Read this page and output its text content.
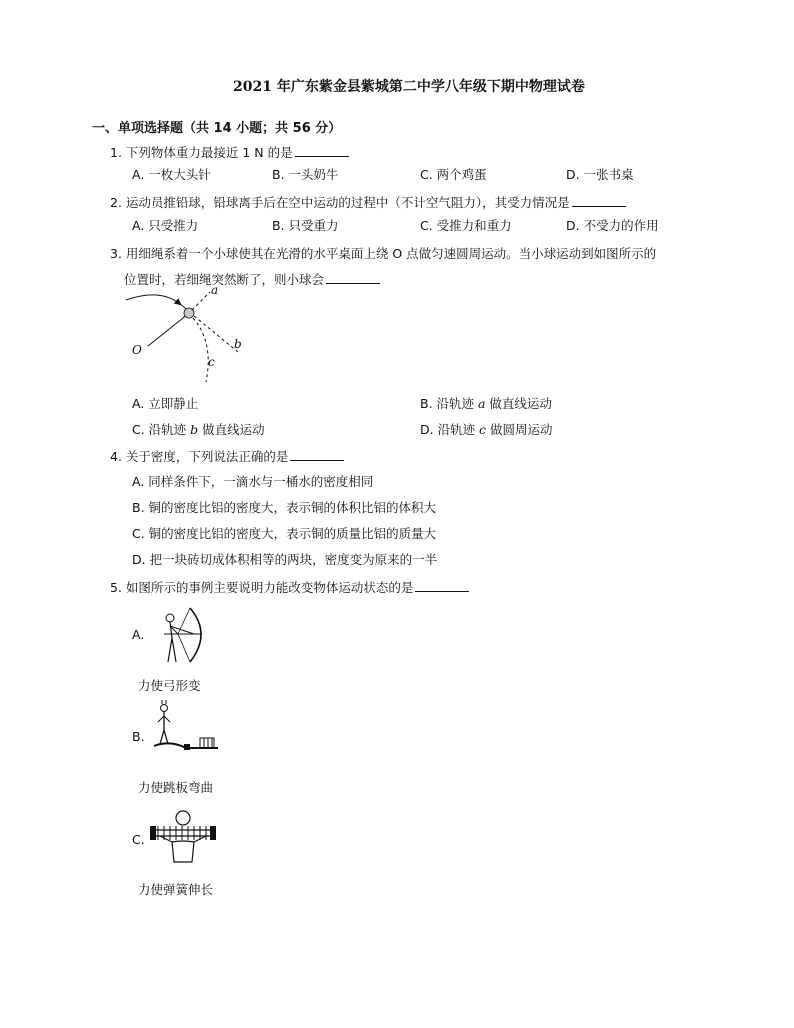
2021 年广东紫金县紫城第二中学八年级下期中物理试卷
一、单项选择题（共 14 小题；共 56 分）
1. 下列物体重力最接近 1 N 的是
A. 一枚大头针	B. 一头奶牛	C. 两个鸡蛋	D. 一张书桌
2. 运动员推铅球，铅球离手后在空中运动的过程中（不计空气阻力），其受力情况是
A. 只受推力	B. 只受重力	C. 受推力和重力	D. 不受力的作用
3. 用细绳系着一个小球使其在光滑的水平桌面上绕 O 点做匀速圆周运动。当小球运动到如图所示的
位置时，若细绳突然断了，则小球会
a
b
c
O
A. 立即静止	B. 沿轨迹 a 做直线运动
C. 沿轨迹 b 做直线运动	D. 沿轨迹 c 做圆周运动
4. 关于密度，下列说法正确的是
A. 同样条件下，一滴水与一桶水的密度相同
B. 铜的密度比铝的密度大，表示铜的体积比铝的体积大
C. 铜的密度比铝的密度大，表示铜的质量比铝的质量大
D. 把一块砖切成体积相等的两块，密度变为原来的一半
5. 如图所示的事例主要说明力能改变物体运动状态的是
A.
力使弓形变
B.
力使跳板弯曲
C.
力使弹簧伸长
